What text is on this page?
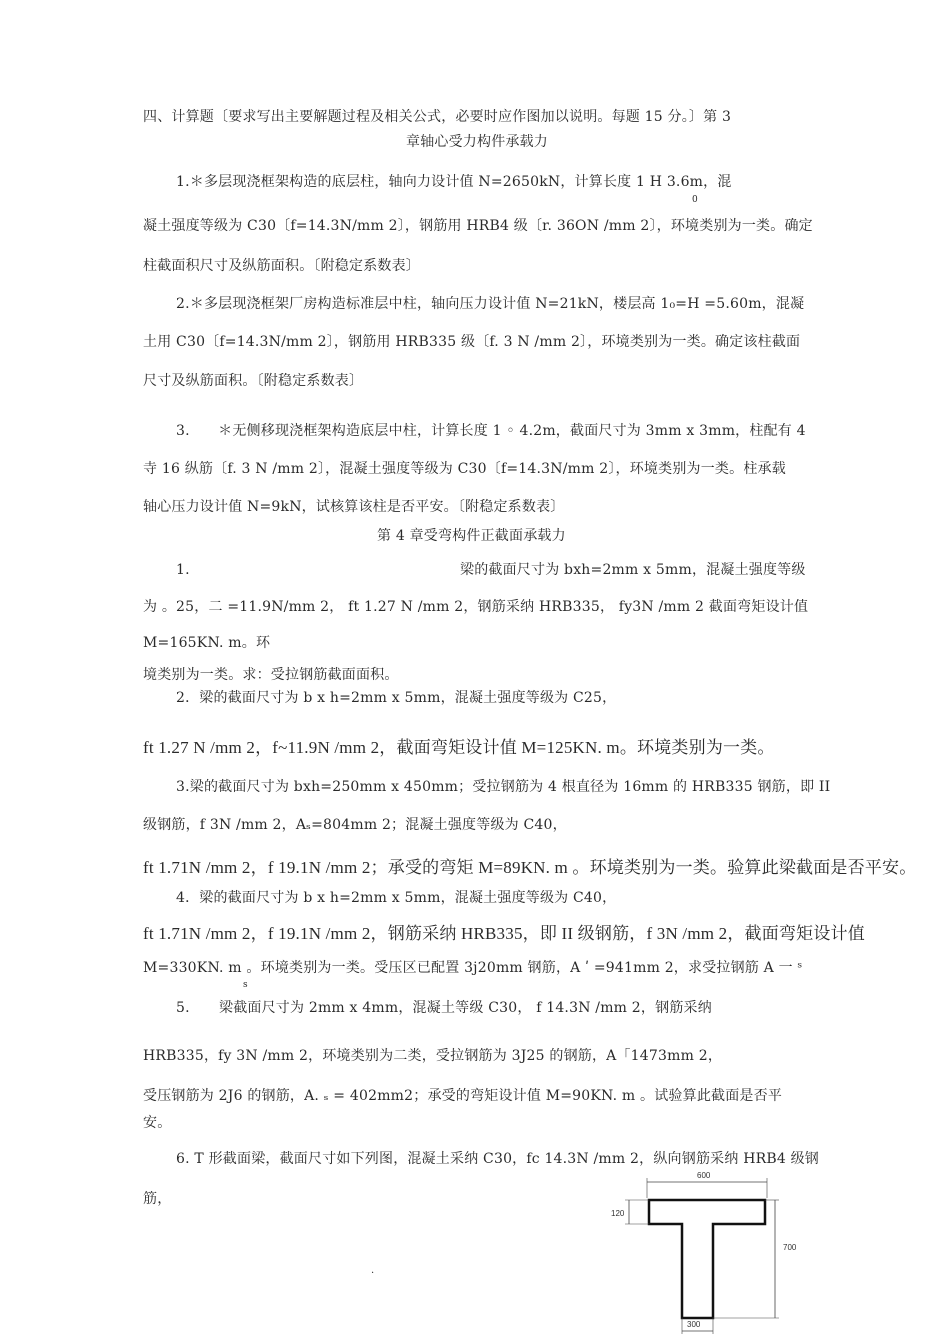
四、计算题〔要求写出主要解题过程及相关公式，必要时应作图加以说明。每题 15 分。〕第 3
章轴心受力构件承载力
1.＊多层现浇框架构造的底层柱，轴向力设计值 N=2650kN，计算长度 1 H 3.6m，混
0
凝土强度等级为 C30〔f=14.3N/mm 2〕，钢筋用 HRB4 级〔r. 36ON /mm 2〕，环境类别为一类。确定
柱截面积尺寸及纵筋面积。〔附稳定系数表〕
2.＊多层现浇框架厂房构造标准层中柱，轴向压力设计值 N=21kN，楼层高 1₀=H =5.60m，混凝
土用 C30〔f=14.3N/mm 2〕，钢筋用 HRB335 级〔f. 3 N /mm 2〕，环境类别为一类。确定该柱截面
尺寸及纵筋面积。〔附稳定系数表〕
3.　　＊无侧移现浇框架构造底层中柱，计算长度 1 ◦ 4.2m，截面尺寸为 3mm x 3mm，柱配有 4
寺 16 纵筋〔f. 3 N /mm 2〕，混凝土强度等级为 C30〔f=14.3N/mm 2〕，环境类别为一类。柱承载
轴心压力设计值 N=9kN，试核算该柱是否平安。〔附稳定系数表〕
第 4 章受弯构件正截面承载力
1.	梁的截面尺寸为 bxh=2mm x 5mm，混凝土强度等级
为 。25，二 =11.9N/mm 2， ft 1.27 N /mm 2，钢筋采纳 HRB335， fy3N /mm 2 截面弯矩设计值
M=165KN. m。环
境类别为一类。求：受拉钢筋截面面积。
2．梁的截面尺寸为 b x h=2mm x 5mm，混凝土强度等级为 C25，
ft 1.27 N /mm 2，f~11.9N /mm 2，截面弯矩设计值 M=125KN. m。环境类别为一类。
3.梁的截面尺寸为 bxh=250mm x 450mm；受拉钢筋为 4 根直径为 16mm 的 HRB335 钢筋，即 II
级钢筋，f 3N /mm 2，Aₛ=804mm 2；混凝土强度等级为 C40，
ft 1.71N /mm 2，f 19.1N /mm 2；承受的弯矩 M=89KN. m 。环境类别为一类。验算此梁截面是否平安。
4．梁的截面尺寸为 b x h=2mm x 5mm，混凝土强度等级为 C40，
ft 1.71N /mm 2，f 19.1N /mm 2，钢筋采纳 HRB335，即 II 级钢筋，f 3N /mm 2，截面弯矩设计值
M=330KN. m 。环境类别为一类。受压区已配置 3j20mm 钢筋，A ʹ =941mm 2，求受拉钢筋 A 一 ˢ
s
5. 梁截面尺寸为 2mm x 4mm，混凝土等级 C30， f 14.3N /mm 2，钢筋采纳
HRB335，fy 3N /mm 2，环境类别为二类，受拉钢筋为 3J25 的钢筋，A「1473mm 2，
受压钢筋为 2J6 的钢筋，A. ₛ = 402mm2；承受的弯矩设计值 M=90KN. m 。试验算此截面是否平
安。
6. T 形截面梁，截面尺寸如下列图，混凝土采纳 C30，fc 14.3N /mm 2，纵向钢筋采纳 HRB4 级钢
筋，
600
120
700
300
.
